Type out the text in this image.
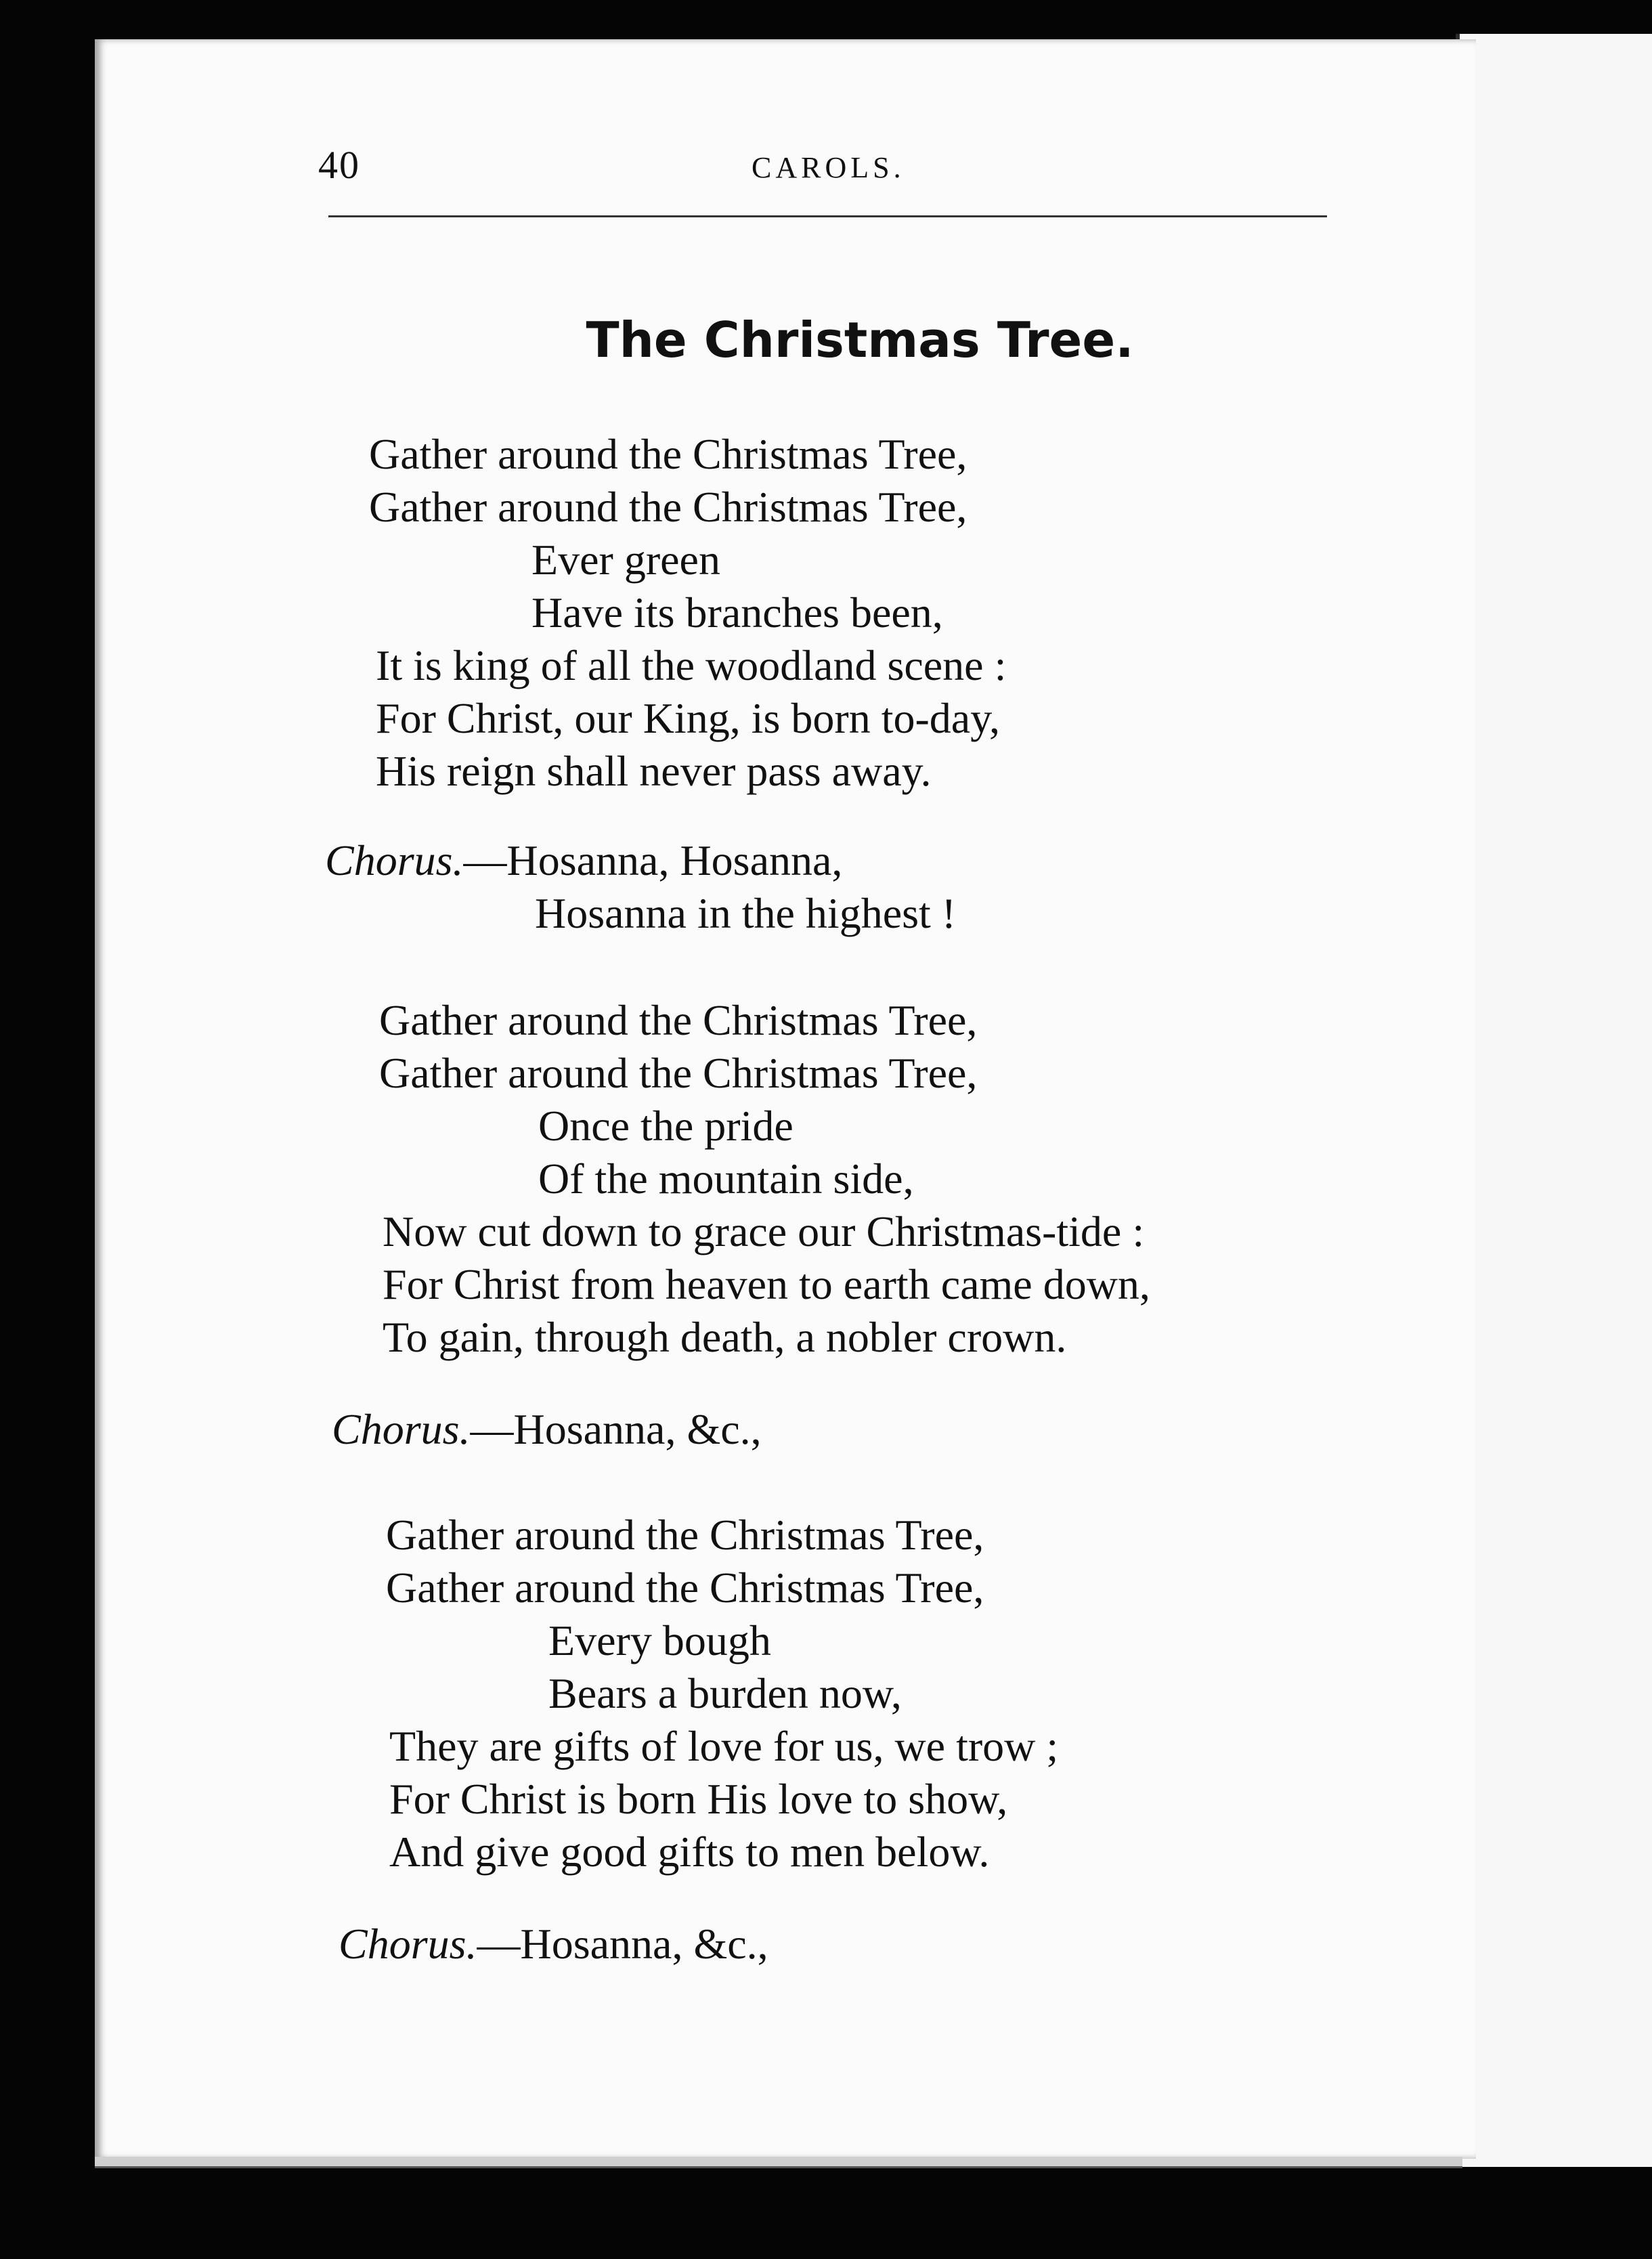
40	CAROLS.
The Christmas Tree.
Gather around the Christmas Tree,
Gather around the Christmas Tree,
Ever green
Have its branches been,
It is king of all the woodland scene :
For Christ, our King, is born to-day,
His reign shall never pass away.
Chorus.—Hosanna, Hosanna,
Hosanna in the highest !
Gather around the Christmas Tree,
Gather around the Christmas Tree,
Once the pride
Of the mountain side,
Now cut down to grace our Christmas-tide :
For Christ from heaven to earth came down,
To gain, through death, a nobler crown.
Chorus.—Hosanna, &c.,
Gather around the Christmas Tree,
Gather around the Christmas Tree,
Every bough
Bears a burden now,
They are gifts of love for us, we trow ;
For Christ is born His love to show,
And give good gifts to men below.
Chorus.—Hosanna, &c.,
